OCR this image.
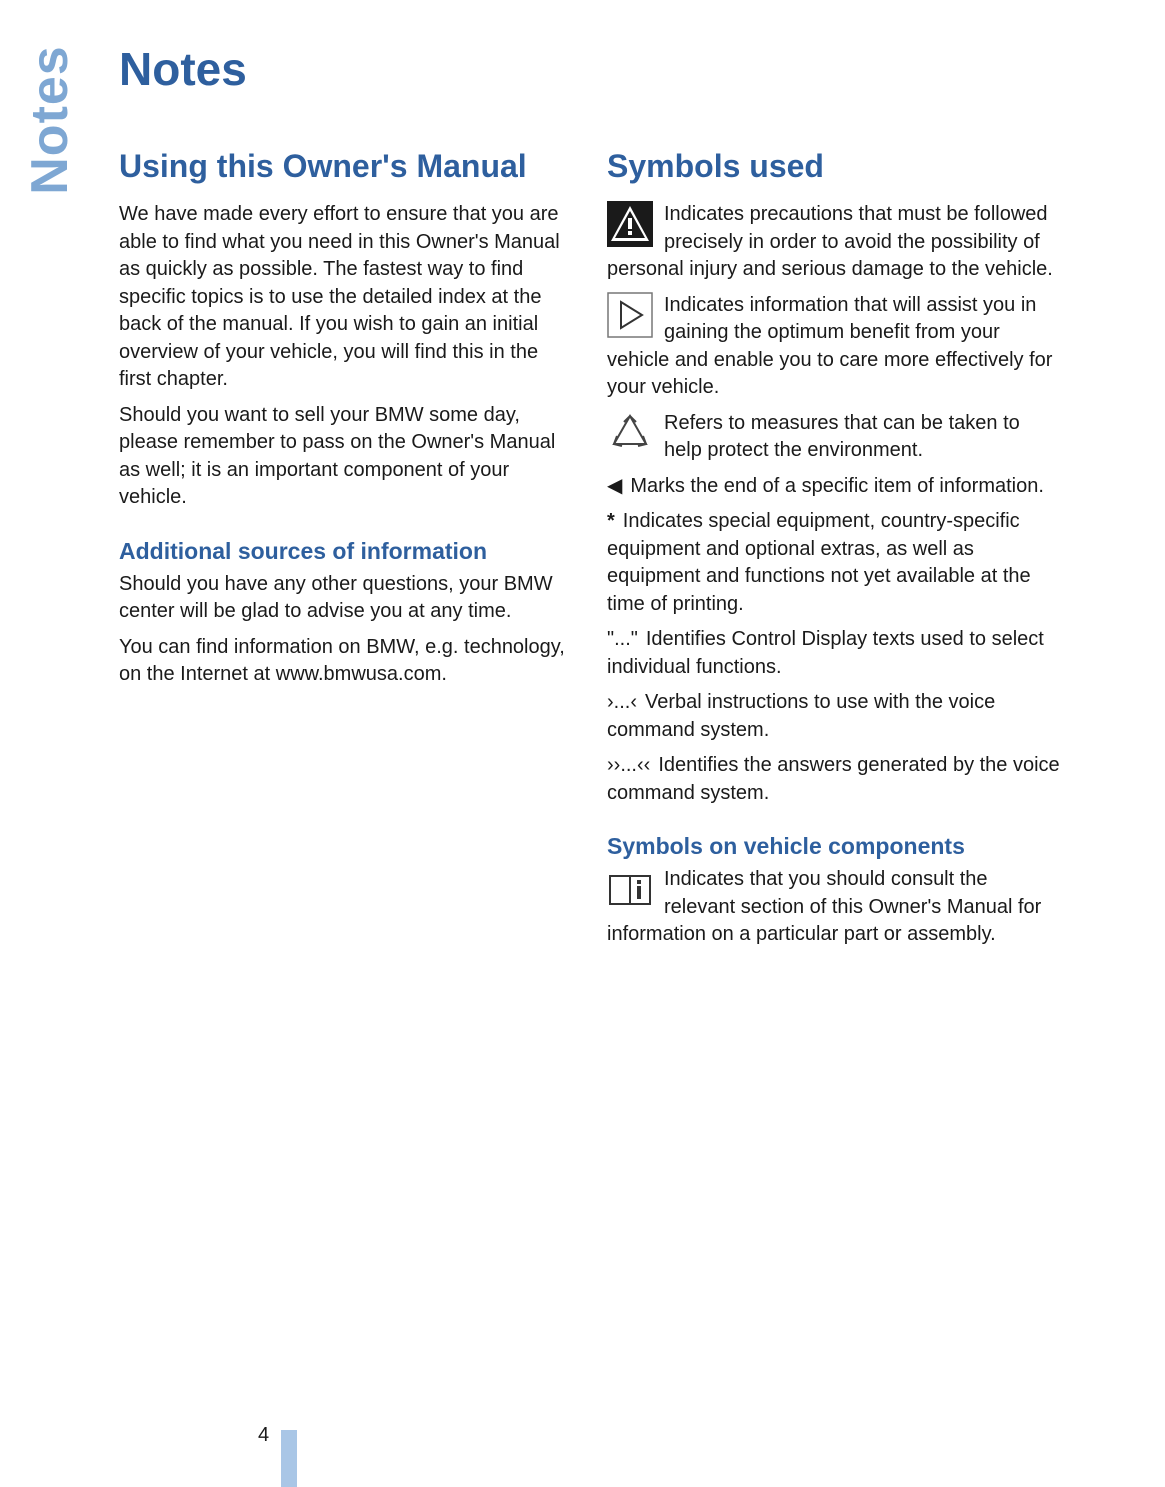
Notes Notes
Using this Owner's Manual

We have made every effort to ensure that you are able to find what you need in this Owner's Manual as quickly as possible. The fastest way to find specific topics is to use the detailed index at the back of the manual. If you wish to gain an initial overview of your vehicle, you will find this in the first chapter.

Should you want to sell your BMW some day, please remember to pass on the Owner's Manual as well; it is an important component of your vehicle.

Additional sources of information

Should you have any other questions, your BMW center will be glad to advise you at any time.

You can find information on BMW, e.g. technology, on the Internet at www.bmwusa.com.

Symbols used

Indicates precautions that must be followed precisely in order to avoid the possibility of personal injury and serious damage to the vehicle.

Indicates information that will assist you in gaining the optimum benefit from your vehicle and enable you to care more effectively for your vehicle.

Refers to measures that can be taken to help protect the environment.

◀ Marks the end of a specific item of information.

* Indicates special equipment, country-specific equipment and optional extras, as well as equipment and functions not yet available at the time of printing.

"..." Identifies Control Display texts used to select individual functions.

›...‹ Verbal instructions to use with the voice command system.

››...‹‹ Identifies the answers generated by the voice command system.

Symbols on vehicle components

Indicates that you should consult the relevant section of this Owner's Manual for information on a particular part or assembly.

4
